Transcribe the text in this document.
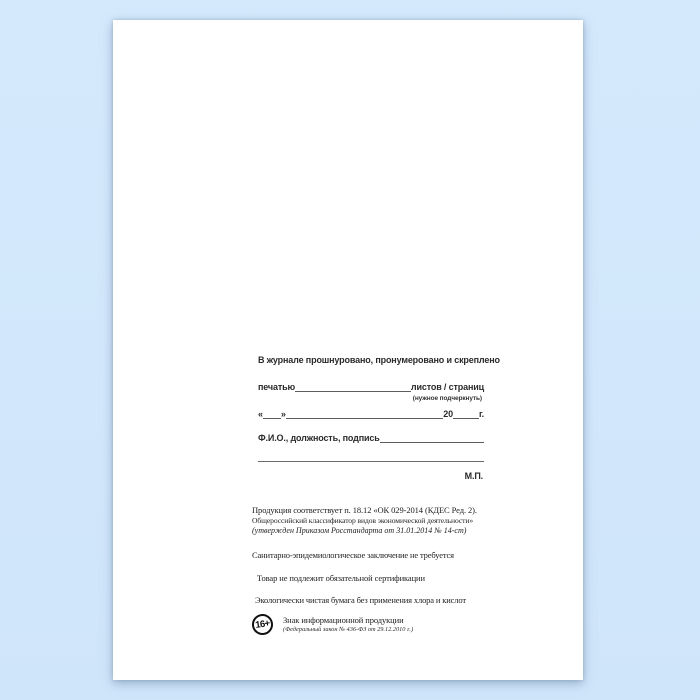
В журнале прошнуровано, пронумеровано и скреплено
печатью	листов / страниц
(нужное подчеркнуть)
« »	20	г.
Ф.И.О., должность, подпись
М.П.
Продукция соответствует п. 18.12 «ОК 029-2014 (КДЕС Ред. 2).
Общероссийский классификатор видов экономической деятельности»
(утвержден Приказом Росстандарта от 31.01.2014 № 14-ст)
Санитарно-эпидемиологическое заключение не требуется
Товар не подлежит обязательной сертификации
Экологически чистая бумага без применения хлора и кислот
16+	Знак информационной продукции
(Федеральный закон № 436-ФЗ от 29.12.2010 г.)
